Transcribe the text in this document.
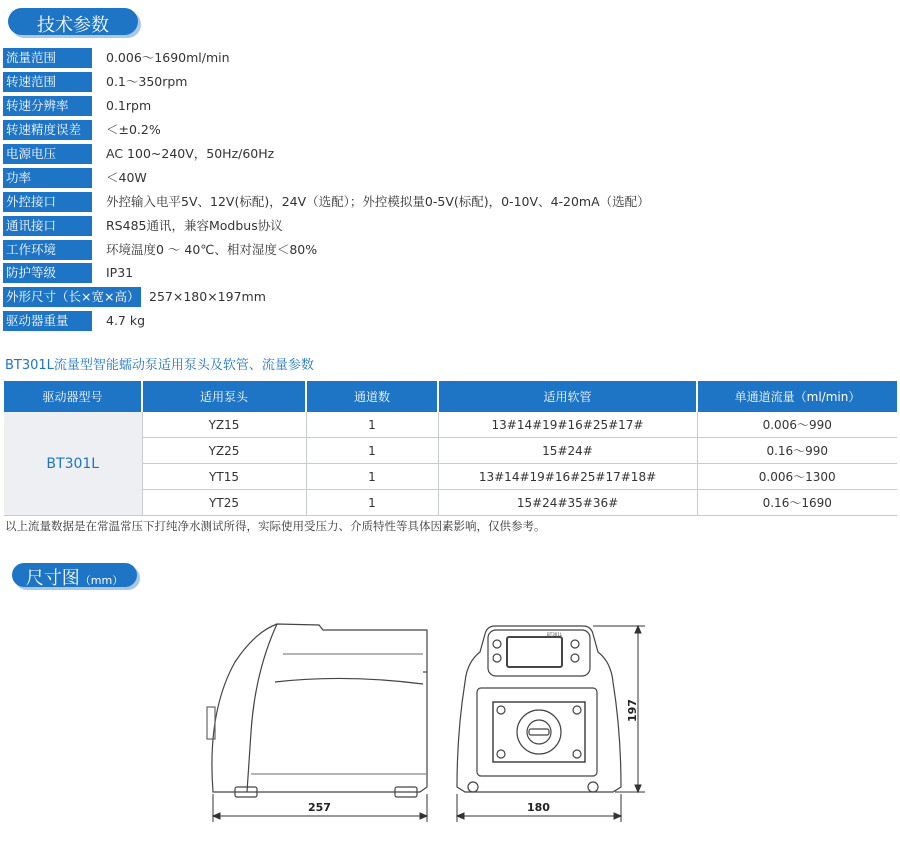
技术参数
流量范围	0.006～1690ml/min
转速范围	0.1～350rpm
转速分辨率	0.1rpm
转速精度误差	＜±0.2%
电源电压	AC 100~240V，50Hz/60Hz
功率	＜40W
外控接口	外控输入电平5V、12V(标配)，24V（选配）；外控模拟量0-5V(标配)，0-10V、4-20mA（选配）
通讯接口	RS485通讯，兼容Modbus协议
工作环境	环境温度0 ～ 40℃、相对湿度＜80%
防护等级	IP31
外形尺寸（长×宽×高） 257×180×197mm
驱动器重量	4.7 kg
BT301L流量型智能蠕动泵适用泵头及软管、流量参数
驱动器型号	适用泵头	通道数	适用软管	单通道流量（ml/min）
BT301L	YZ15	1	13#14#19#16#25#17#	0.006～990
	YZ25	1	15#24#	0.16～990
	YT15	1	13#14#19#16#25#17#18#	0.006～1300
	YT25	1	15#24#35#36#	0.16～1690
以上流量数据是在常温常压下打纯净水测试所得，实际使用受压力、介质特性等具体因素影响，仅供参考。
尺寸图（mm）
257
BT301L
180
197
